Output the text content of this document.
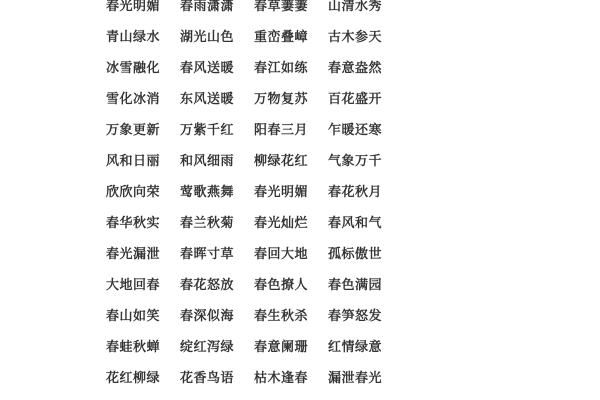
春光明媚	春雨潇潇	春草萋萋	山清水秀
青山绿水	湖光山色	重峦叠嶂	古木参天
冰雪融化	春风送暖	春江如练	春意盎然
雪化冰消	东风送暖	万物复苏	百花盛开
万象更新	万紫千红	阳春三月	乍暖还寒
风和日丽	和风细雨	柳绿花红	气象万千
欣欣向荣	莺歌燕舞	春光明媚	春花秋月
春华秋实	春兰秋菊	春光灿烂	春风和气
春光漏泄	春晖寸草	春回大地	孤标傲世
大地回春	春花怒放	春色撩人	春色满园
春山如笑	春深似海	春生秋杀	春笋怒发
春蛙秋蝉	绽红泻绿	春意阑珊	红情绿意
花红柳绿	花香鸟语	枯木逢春	漏泄春光
